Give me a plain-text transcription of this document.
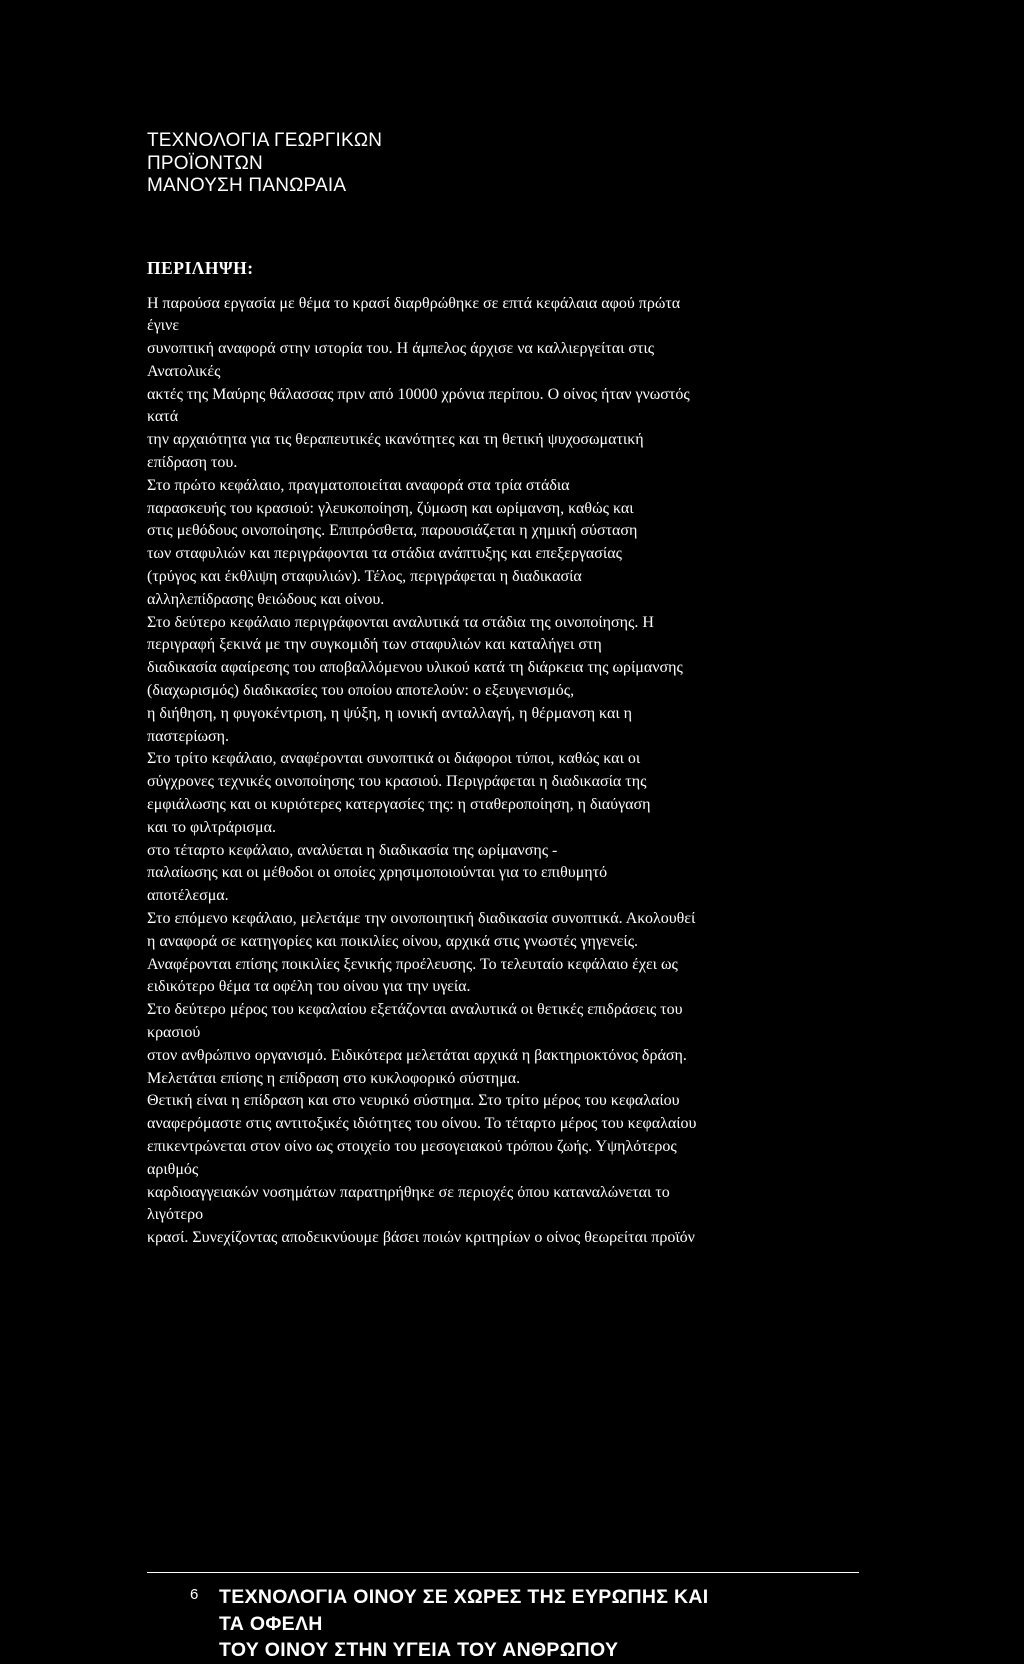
ΤΕΧΝΟΛΟΓΙΑ ΓΕΩΡΓΙΚΩΝ
ΠΡΟΪΟΝΤΩΝ
ΜΑΝΟΥΣΗ ΠΑΝΩΡΑΙΑ
ΠΕΡΙΛΗΨΗ:
Η παρούσα εργασία με θέμα το κρασί διαρθρώθηκε σε επτά κεφάλαια αφού πρώτα
έγινε
συνοπτική αναφορά στην ιστορία του. Η άμπελος άρχισε να καλλιεργείται στις
Ανατολικές
ακτές της Μαύρης θάλασσας πριν από 10000 χρόνια περίπου. Ο οίνος ήταν γνωστός
κατά
την αρχαιότητα για τις θεραπευτικές ικανότητες και τη θετική ψυχοσωματική
επίδραση του.
Στο πρώτο κεφάλαιο, πραγματοποιείται αναφορά στα τρία στάδια
παρασκευής του κρασιού: γλευκοποίηση, ζύμωση και ωρίμανση, καθώς και
στις μεθόδους οινοποίησης. Επιπρόσθετα, παρουσιάζεται η χημική σύσταση
των σταφυλιών και περιγράφονται τα στάδια ανάπτυξης και επεξεργασίας
(τρύγος και έκθλιψη σταφυλιών). Τέλος, περιγράφεται η διαδικασία
αλληλεπίδρασης θειώδους και οίνου.
Στο δεύτερο κεφάλαιο περιγράφονται αναλυτικά τα στάδια της οινοποίησης. Η
περιγραφή ξεκινά με την συγκομιδή των σταφυλιών και καταλήγει στη
διαδικασία αφαίρεσης του αποβαλλόμενου υλικού κατά τη διάρκεια της ωρίμανσης
(διαχωρισμός) διαδικασίες του οποίου αποτελούν: ο εξευγενισμός,
η διήθηση, η φυγοκέντριση, η ψύξη, η ιονική ανταλλαγή, η θέρμανση και η
παστερίωση.
Στο τρίτο κεφάλαιο, αναφέρονται συνοπτικά οι διάφοροι τύποι, καθώς και οι
σύγχρονες τεχνικές οινοποίησης του κρασιού. Περιγράφεται η διαδικασία της
εμφιάλωσης και οι κυριότερες κατεργασίες της: η σταθεροποίηση, η διαύγαση
και το φιλτράρισμα.
στο τέταρτο κεφάλαιο, αναλύεται η διαδικασία της ωρίμανσης -
παλαίωσης και οι μέθοδοι οι οποίες χρησιμοποιούνται για το επιθυμητό
αποτέλεσμα.
Στο επόμενο κεφάλαιο, μελετάμε την οινοποιητική διαδικασία συνοπτικά. Ακολουθεί
η αναφορά σε κατηγορίες και ποικιλίες οίνου, αρχικά στις γνωστές γηγενείς.
Αναφέρονται επίσης ποικιλίες ξενικής προέλευσης. Το τελευταίο κεφάλαιο έχει ως
ειδικότερο θέμα τα οφέλη του οίνου για την υγεία.
Στο δεύτερο μέρος του κεφαλαίου εξετάζονται αναλυτικά οι θετικές επιδράσεις του
κρασιού
στον ανθρώπινο οργανισμό. Ειδικότερα μελετάται αρχικά η βακτηριοκτόνος δράση.
Μελετάται επίσης η επίδραση στο κυκλοφορικό σύστημα.
Θετική είναι η επίδραση και στο νευρικό σύστημα. Στο τρίτο μέρος του κεφαλαίου
αναφερόμαστε στις αντιτοξικές ιδιότητες του οίνου. Το τέταρτο μέρος του κεφαλαίου
επικεντρώνεται στον οίνο ως στοιχείο του μεσογειακού τρόπου ζωής. Υψηλότερος
αριθμός
καρδιοαγγειακών νοσημάτων παρατηρήθηκε σε περιοχές όπου καταναλώνεται το
λιγότερο
κρασί. Συνεχίζοντας αποδεικνύουμε βάσει ποιών κριτηρίων ο οίνος θεωρείται προϊόν
6 ΤΕΧΝΟΛΟΓΙΑ ΟΙΝΟΥ ΣΕ ΧΩΡΕΣ ΤΗΣ ΕΥΡΩΠΗΣ ΚΑΙ
ΤΑ ΟΦΕΛΗ
ΤΟΥ ΟΙΝΟΥ ΣΤΗΝ ΥΓΕΙΑ ΤΟΥ ΑΝΘΡΩΠΟΥ
